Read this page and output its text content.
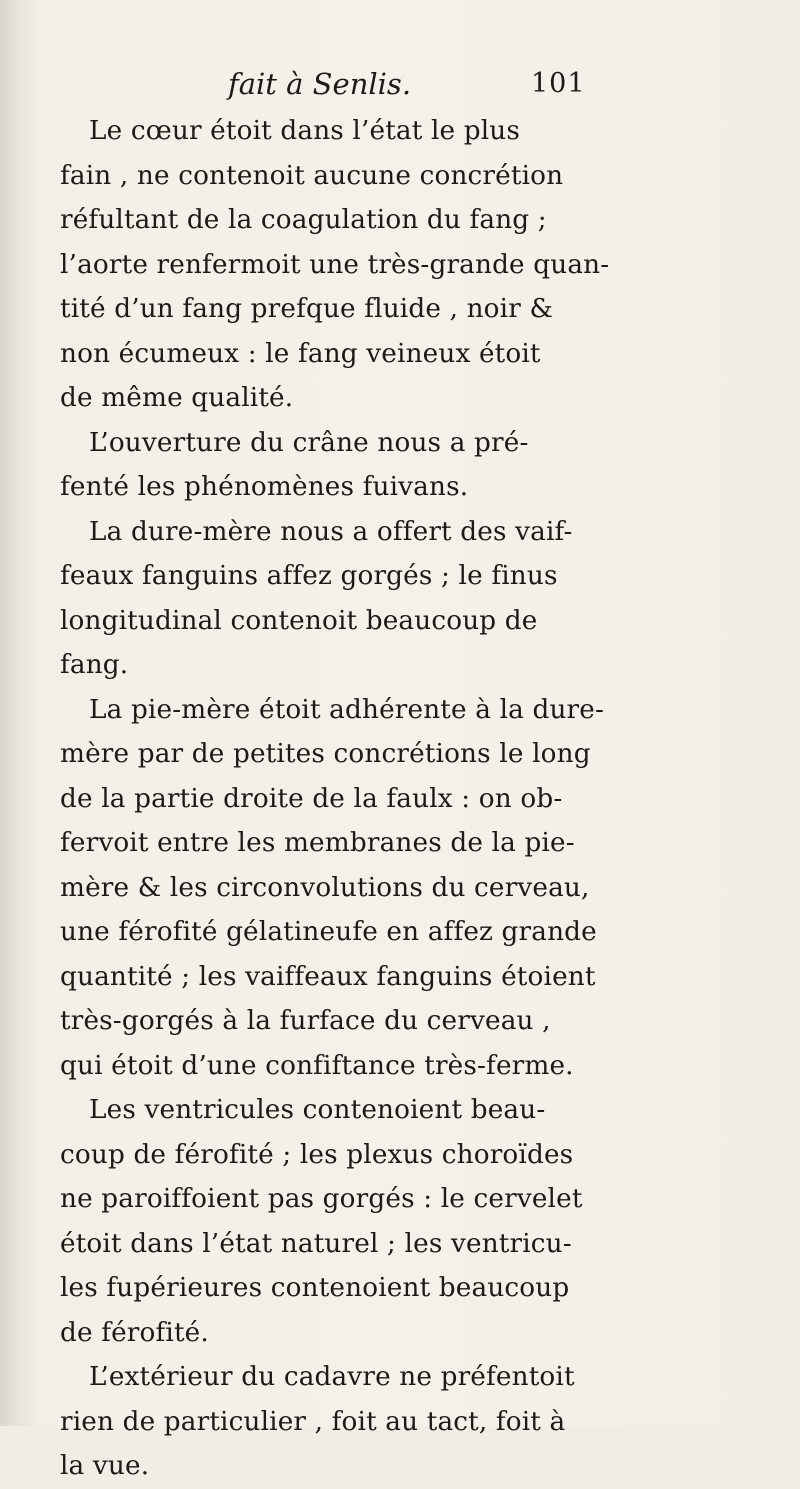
fait à Senlis.	101
Le cœur étoit dans l’état le plus
fain , ne contenoit aucune concrétion
réfultant de la coagulation du fang ;
l’aorte renfermoit une très-grande quan-
tité d’un fang prefque fluide , noir &
non écumeux : le fang veineux étoit
de même qualité.
L’ouverture du crâne nous a pré-
fenté les phénomènes fuivans.
La dure-mère nous a offert des vaif-
feaux fanguins affez gorgés ; le finus
longitudinal contenoit beaucoup de
fang.
La pie-mère étoit adhérente à la dure-
mère par de petites concrétions le long
de la partie droite de la faulx : on ob-
fervoit entre les membranes de la pie-
mère & les circonvolutions du cerveau,
une férofité gélatineufe en affez grande
quantité ; les vaiffeaux fanguins étoient
très-gorgés à la furface du cerveau ,
qui étoit d’une confiftance très-ferme.
Les ventricules contenoient beau-
coup de férofité ; les plexus choroïdes
ne paroiffoient pas gorgés : le cervelet
étoit dans l’état naturel ; les ventricu-
les fupérieures contenoient beaucoup
de férofité.
L’extérieur du cadavre ne préfentoit
rien de particulier , foit au tact, foit à
la vue.
